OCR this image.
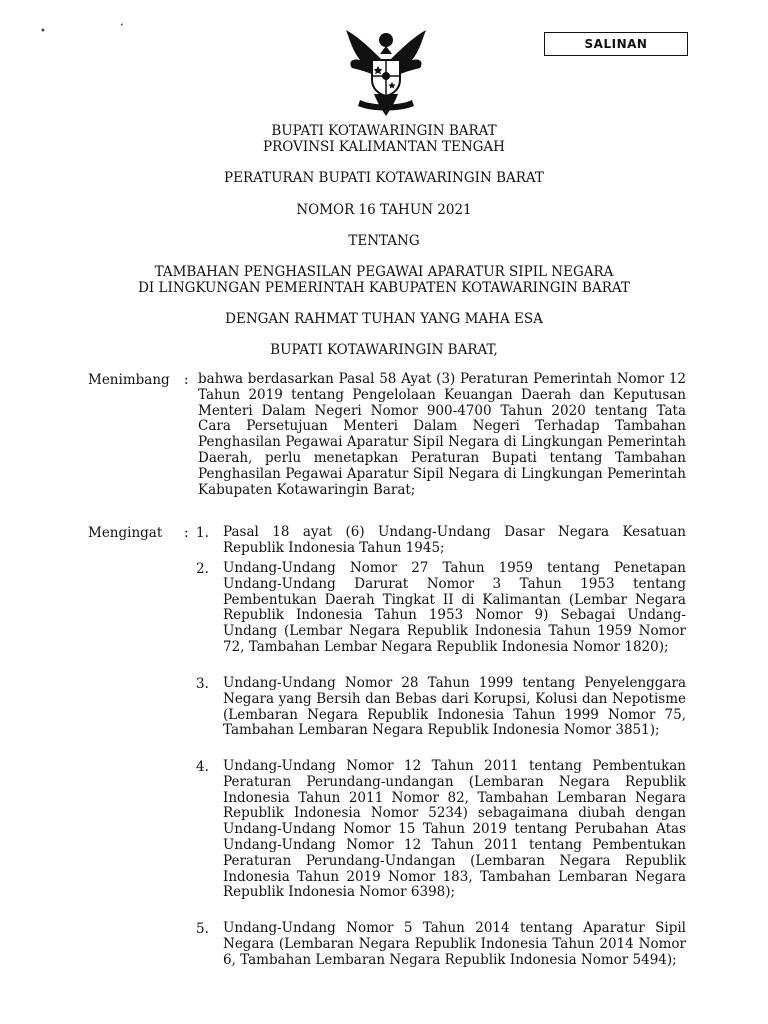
•
•
SALINAN
BUPATI KOTAWARINGIN BARAT
PROVINSI KALIMANTAN TENGAH
PERATURAN BUPATI KOTAWARINGIN BARAT
NOMOR 16 TAHUN 2021
TENTANG
TAMBAHAN PENGHASILAN PEGAWAI APARATUR SIPIL NEGARA
DI LINGKUNGAN PEMERINTAH KABUPATEN KOTAWARINGIN BARAT
DENGAN RAHMAT TUHAN YANG MAHA ESA
BUPATI KOTAWARINGIN BARAT,
Menimbang : bahwa berdasarkan Pasal 58 Ayat (3) Peraturan Pemerintah Nomor 12 Tahun 2019 tentang Pengelolaan Keuangan Daerah dan Keputusan Menteri Dalam Negeri Nomor 900-4700 Tahun 2020 tentang Tata Cara Persetujuan Menteri Dalam Negeri Terhadap Tambahan Penghasilan Pegawai Aparatur Sipil Negara di Lingkungan Pemerintah Daerah, perlu menetapkan Peraturan Bupati tentang Tambahan Penghasilan Pegawai Aparatur Sipil Negara di Lingkungan Pemerintah Kabupaten Kotawaringin Barat;
Mengingat : 1. Pasal 18 ayat (6) Undang-Undang Dasar Negara Kesatuan Republik Indonesia Tahun 1945;
2. Undang-Undang Nomor 27 Tahun 1959 tentang Penetapan Undang-Undang Darurat Nomor 3 Tahun 1953 tentang Pembentukan Daerah Tingkat II di Kalimantan (Lembar Negara Republik Indonesia Tahun 1953 Nomor 9) Sebagai Undang-Undang (Lembar Negara Republik Indonesia Tahun 1959 Nomor 72, Tambahan Lembar Negara Republik Indonesia Nomor 1820);
3. Undang-Undang Nomor 28 Tahun 1999 tentang Penyelenggara Negara yang Bersih dan Bebas dari Korupsi, Kolusi dan Nepotisme (Lembaran Negara Republik Indonesia Tahun 1999 Nomor 75, Tambahan Lembaran Negara Republik Indonesia Nomor 3851);
4. Undang-Undang Nomor 12 Tahun 2011 tentang Pembentukan Peraturan Perundang-undangan (Lembaran Negara Republik Indonesia Tahun 2011 Nomor 82, Tambahan Lembaran Negara Republik Indonesia Nomor 5234) sebagaimana diubah dengan Undang-Undang Nomor 15 Tahun 2019 tentang Perubahan Atas Undang-Undang Nomor 12 Tahun 2011 tentang Pembentukan Peraturan Perundang-Undangan (Lembaran Negara Republik Indonesia Tahun 2019 Nomor 183, Tambahan Lembaran Negara Republik Indonesia Nomor 6398);
5. Undang-Undang Nomor 5 Tahun 2014 tentang Aparatur Sipil Negara (Lembaran Negara Republik Indonesia Tahun 2014 Nomor 6, Tambahan Lembaran Negara Republik Indonesia Nomor 5494);
